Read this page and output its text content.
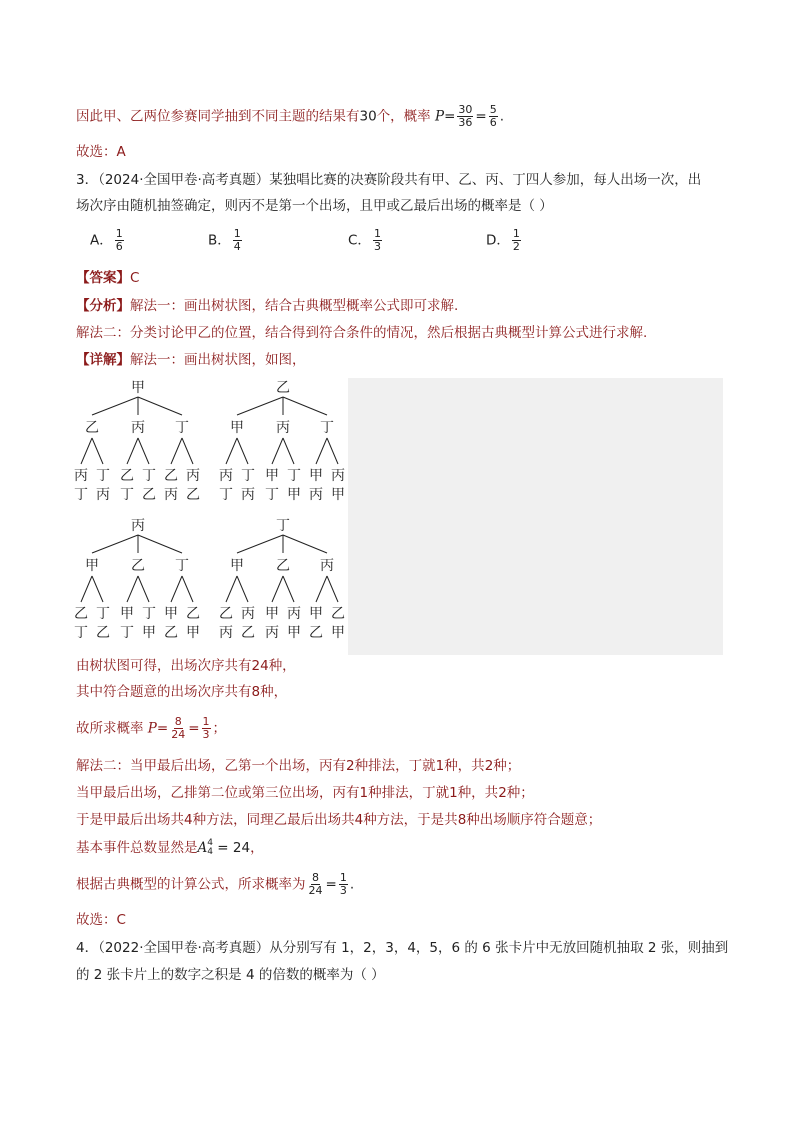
因此甲、乙两位参赛同学抽到不同主题的结果有30个，概率 $P= \frac{30}{36} = \frac{5}{6}$ .
故选：A
3．（2024·全国甲卷·高考真题）某独唱比赛的决赛阶段共有甲、乙、丙、丁四人参加，每人出场一次，出
场次序由随机抽签确定，则丙不是第一个出场，且甲或乙最后出场的概率是（ ）
A． $\frac{1}{6}$	B． $\frac{1}{4}$	C． $\frac{1}{3}$	D． $\frac{1}{2}$
【答案】C
【分析】解法一：画出树状图，结合古典概型概率公式即可求解.
解法二：分类讨论甲乙的位置，结合得到符合条件的情况，然后根据古典概型计算公式进行求解.
【详解】解法一：画出树状图，如图，
甲
乙
丙
丁
丁
丙
丙
乙
丁
丁
乙
丁
乙
丙
丙
乙
乙
甲
丙
丁
丁
丙
丙
甲
丁
丁
甲
丁
甲
丙
丙
甲
丙
甲
乙
丁
丁
乙
乙
甲
丁
丁
甲
丁
甲
乙
乙
甲
丁
甲
乙
丙
丙
乙
乙
甲
丙
丙
甲
丙
甲
乙
乙
甲
由树状图可得，出场次序共有24种，
其中符合题意的出场次序共有8种，
故所求概率 $P= \frac{8}{24} = \frac{1}{3}$ ；
解法二：当甲最后出场，乙第一个出场，丙有2种排法，丁就1种，共2种；
当甲最后出场，乙排第二位或第三位出场，丙有1种排法，丁就1种，共2种；
于是甲最后出场共4种方法，同理乙最后出场共4种方法，于是共8种出场顺序符合题意；
基本事件总数显然是A 4
4 = 24，
根据古典概型的计算公式，所求概率为 $\frac{8}{24} = \frac{1}{3}$ .
故选：C
4．（2022·全国甲卷·高考真题）从分别写有 1，2，3，4，5，6 的 6 张卡片中无放回随机抽取 2 张，则抽到
的 2 张卡片上的数字之积是 4 的倍数的概率为（ ）
